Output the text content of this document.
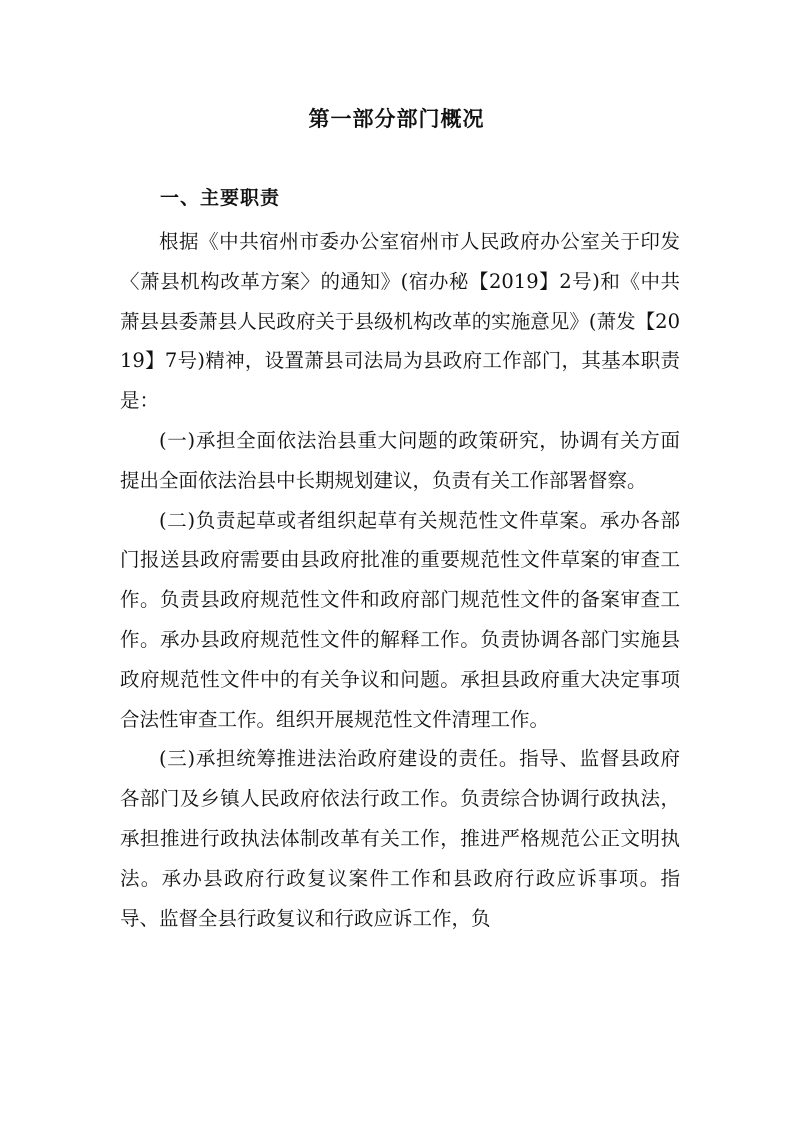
第一部分部门概况
一、主要职责

根据《中共宿州市委办公室宿州市人民政府办公室关于印发〈萧县机构改革方案〉的通知》(宿办秘【2019】2号)和《中共萧县县委萧县人民政府关于县级机构改革的实施意见》(萧发【2019】7号)精神，设置萧县司法局为县政府工作部门，其基本职责是：

(一)承担全面依法治县重大问题的政策研究，协调有关方面提出全面依法治县中长期规划建议，负责有关工作部署督察。

(二)负责起草或者组织起草有关规范性文件草案。承办各部门报送县政府需要由县政府批准的重要规范性文件草案的审查工作。负责县政府规范性文件和政府部门规范性文件的备案审查工作。承办县政府规范性文件的解释工作。负责协调各部门实施县政府规范性文件中的有关争议和问题。承担县政府重大决定事项合法性审查工作。组织开展规范性文件清理工作。

(三)承担统筹推进法治政府建设的责任。指导、监督县政府各部门及乡镇人民政府依法行政工作。负责综合协调行政执法，承担推进行政执法体制改革有关工作，推进严格规范公正文明执法。承办县政府行政复议案件工作和县政府行政应诉事项。指导、监督全县行政复议和行政应诉工作，负
